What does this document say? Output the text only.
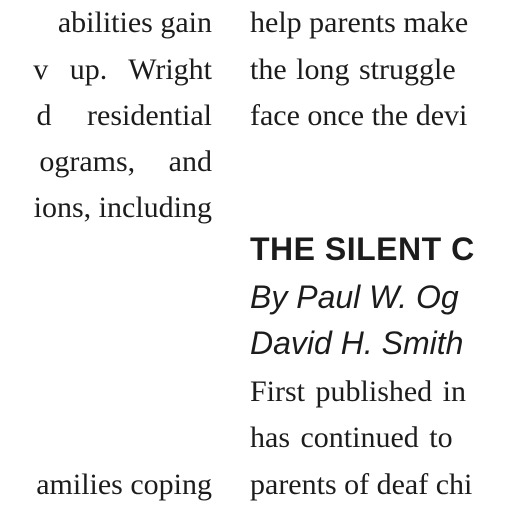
abilities gain
v up. Wright
d residential
ograms, and
ions, including
amilies coping
help parents make
the long struggle
face once the devi
THE SILENT C
By Paul W. Og
David H. Smith
First published in
has continued to
parents of deaf chi
